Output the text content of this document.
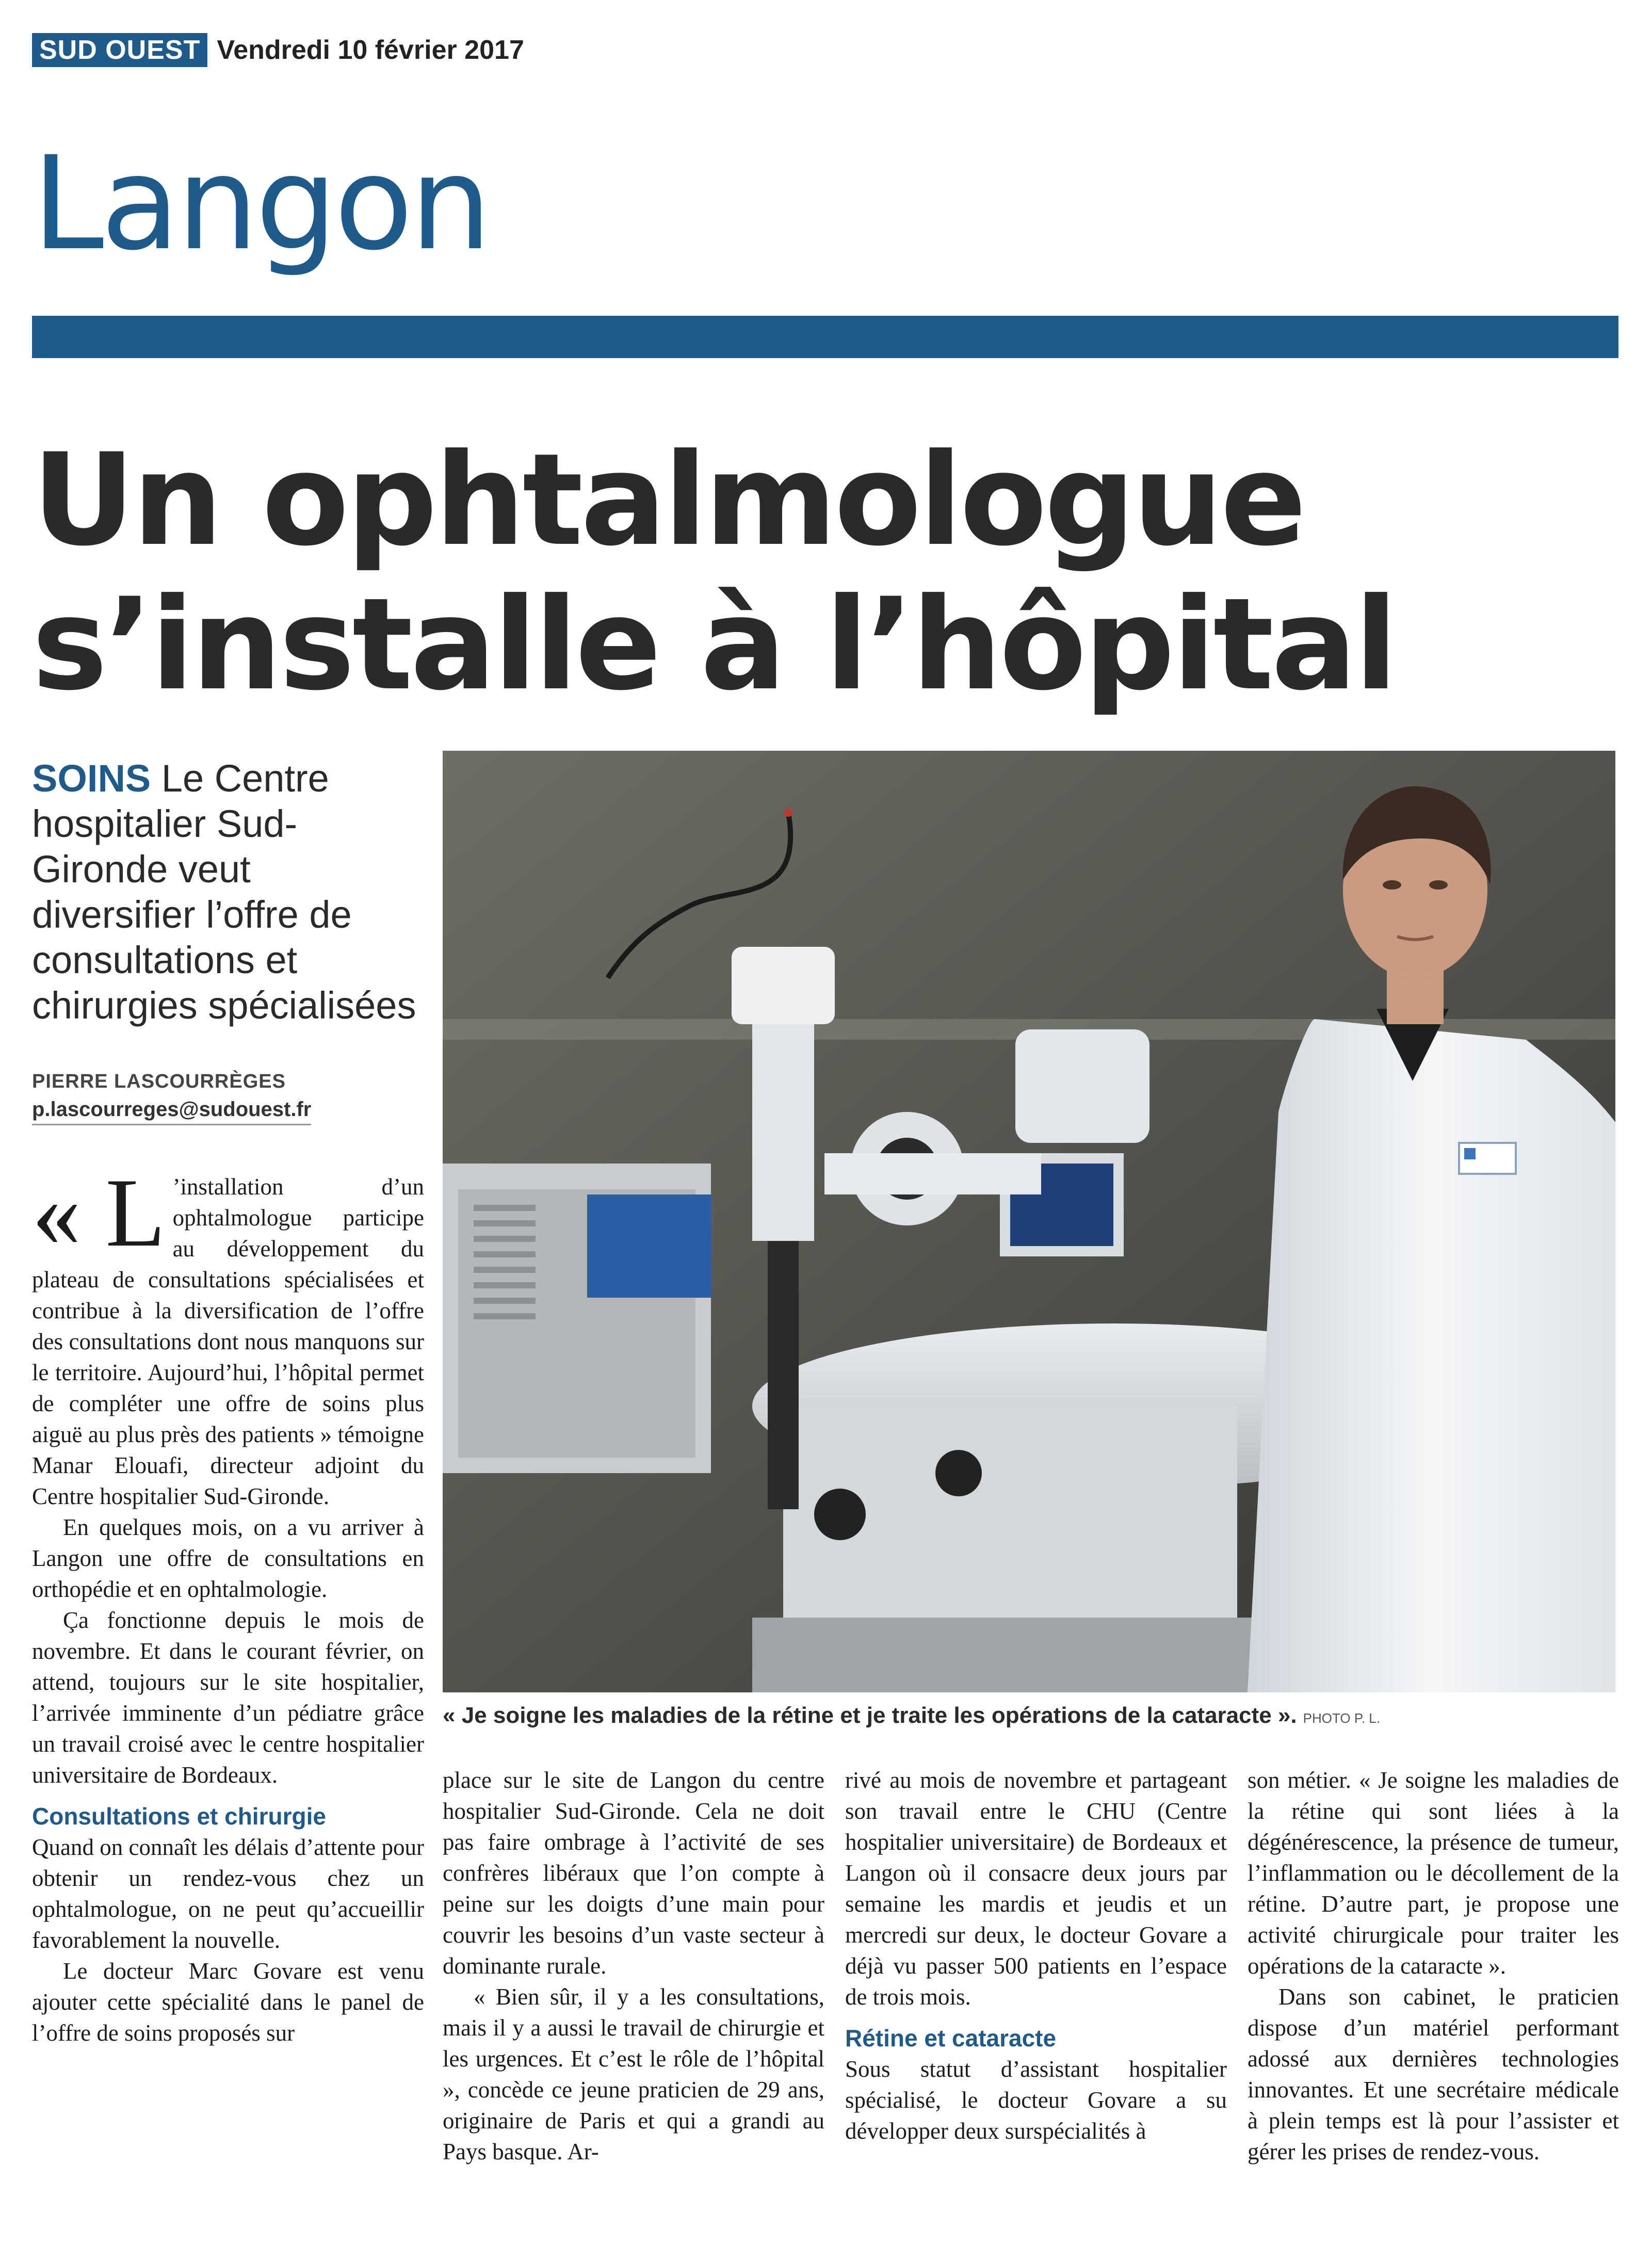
SUD OUEST Vendredi 10 février 2017
Langon
Un ophtalmologue
s’installe à l’hôpital
SOINS Le Centre hospitalier Sud-Gironde veut diversifier l’offre de consultations et chirurgies spécialisées
PIERRE LASCOURRÈGES
p.lascourreges@sudouest.fr
« L ’installation d’un ophtalmologue participe au développement du plateau de consultations spécialisées et contribue à la diversification de l’offre des consultations dont nous manquons sur le territoire. Aujourd’hui, l’hôpital permet de compléter une offre de soins plus aiguë au plus près des patients » témoigne Manar Elouafi, directeur adjoint du Centre hospitalier Sud-Gironde.

En quelques mois, on a vu arriver à Langon une offre de consultations en orthopédie et en ophtalmologie.

Ça fonctionne depuis le mois de novembre. Et dans le courant février, on attend, toujours sur le site hospitalier, l’arrivée imminente d’un pédiatre grâce un travail croisé avec le centre hospitalier universitaire de Bordeaux.

Consultations et chirurgie

Quand on connaît les délais d’attente pour obtenir un rendez-vous chez un ophtalmologue, on ne peut qu’accueillir favorablement la nouvelle.

Le docteur Marc Govare est venu ajouter cette spécialité dans le panel de l’offre de soins proposés sur

« Je soigne les maladies de la rétine et je traite les opérations de la cataracte ». PHOTO P. L.

place sur le site de Langon du centre hospitalier Sud-Gironde. Cela ne doit pas faire ombrage à l’activité de ses confrères libéraux que l’on compte à peine sur les doigts d’une main pour couvrir les besoins d’un vaste secteur à dominante rurale.

« Bien sûr, il y a les consultations, mais il y a aussi le travail de chirurgie et les urgences. Et c’est le rôle de l’hôpital », concède ce jeune praticien de 29 ans, originaire de Paris et qui a grandi au Pays basque. Ar-

rivé au mois de novembre et partageant son travail entre le CHU (Centre hospitalier universitaire) de Bordeaux et Langon où il consacre deux jours par semaine les mardis et jeudis et un mercredi sur deux, le docteur Govare a déjà vu passer 500 patients en l’espace de trois mois.

Rétine et cataracte

Sous statut d’assistant hospitalier spécialisé, le docteur Govare a su développer deux surspécialités à

son métier. « Je soigne les maladies de la rétine qui sont liées à la dégénérescence, la présence de tumeur, l’inflammation ou le décollement de la rétine. D’autre part, je propose une activité chirurgicale pour traiter les opérations de la cataracte ».

Dans son cabinet, le praticien dispose d’un matériel performant adossé aux dernières technologies innovantes. Et une secrétaire médicale à plein temps est là pour l’assister et gérer les prises de rendez-vous.
